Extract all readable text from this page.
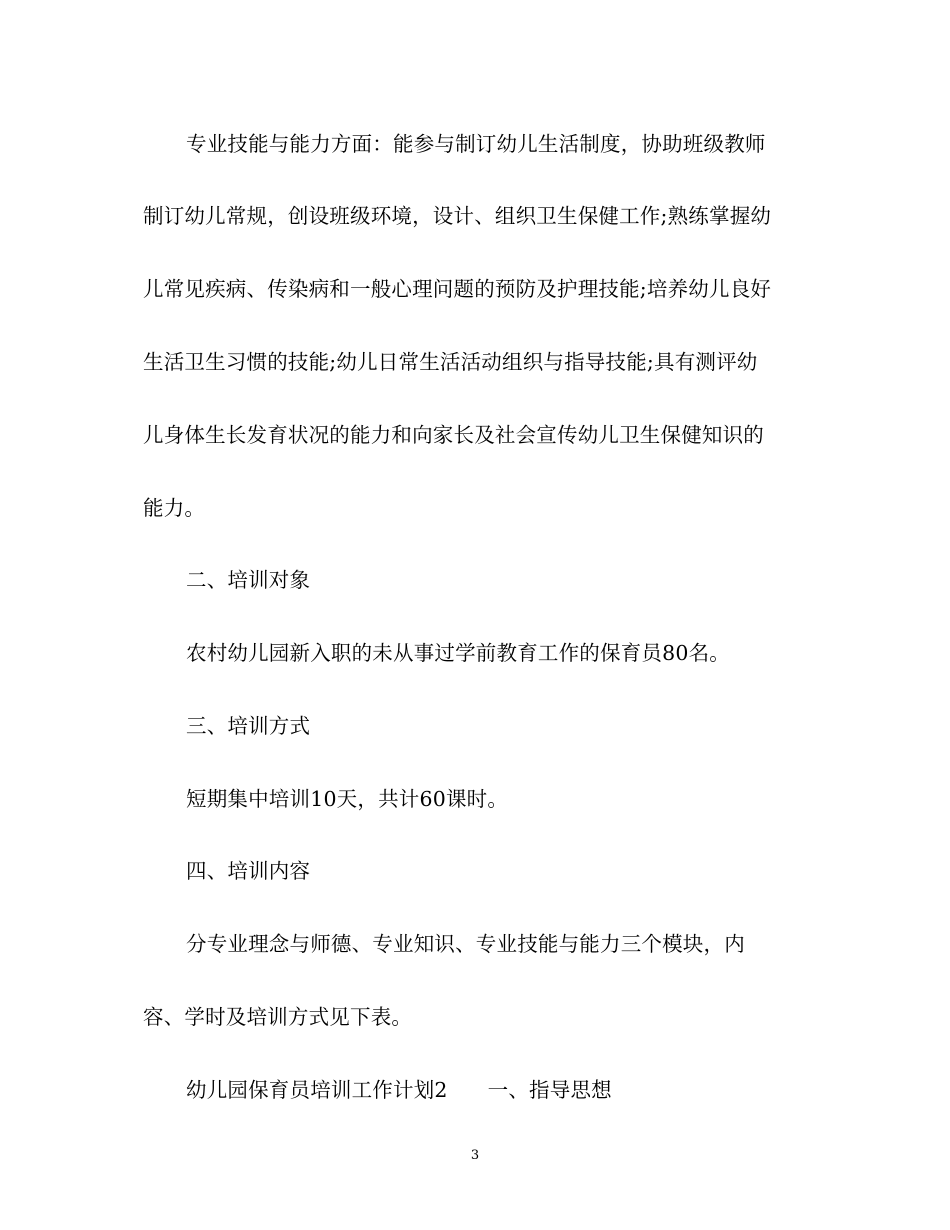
专业技能与能力方面：能参与制订幼儿生活制度，协助班级教师
制订幼儿常规，创设班级环境，设计、组织卫生保健工作;熟练掌握幼
儿常见疾病、传染病和一般心理问题的预防及护理技能;培养幼儿良好
生活卫生习惯的技能;幼儿日常生活活动组织与指导技能;具有测评幼
儿身体生长发育状况的能力和向家长及社会宣传幼儿卫生保健知识的
能力。
二、培训对象
农村幼儿园新入职的未从事过学前教育工作的保育员80名。
三、培训方式
短期集中培训10天，共计60课时。
四、培训内容
分专业理念与师德、专业知识、专业技能与能力三个模块，内
容、学时及培训方式见下表。
幼儿园保育员培训工作计划2 一、指导思想
3
